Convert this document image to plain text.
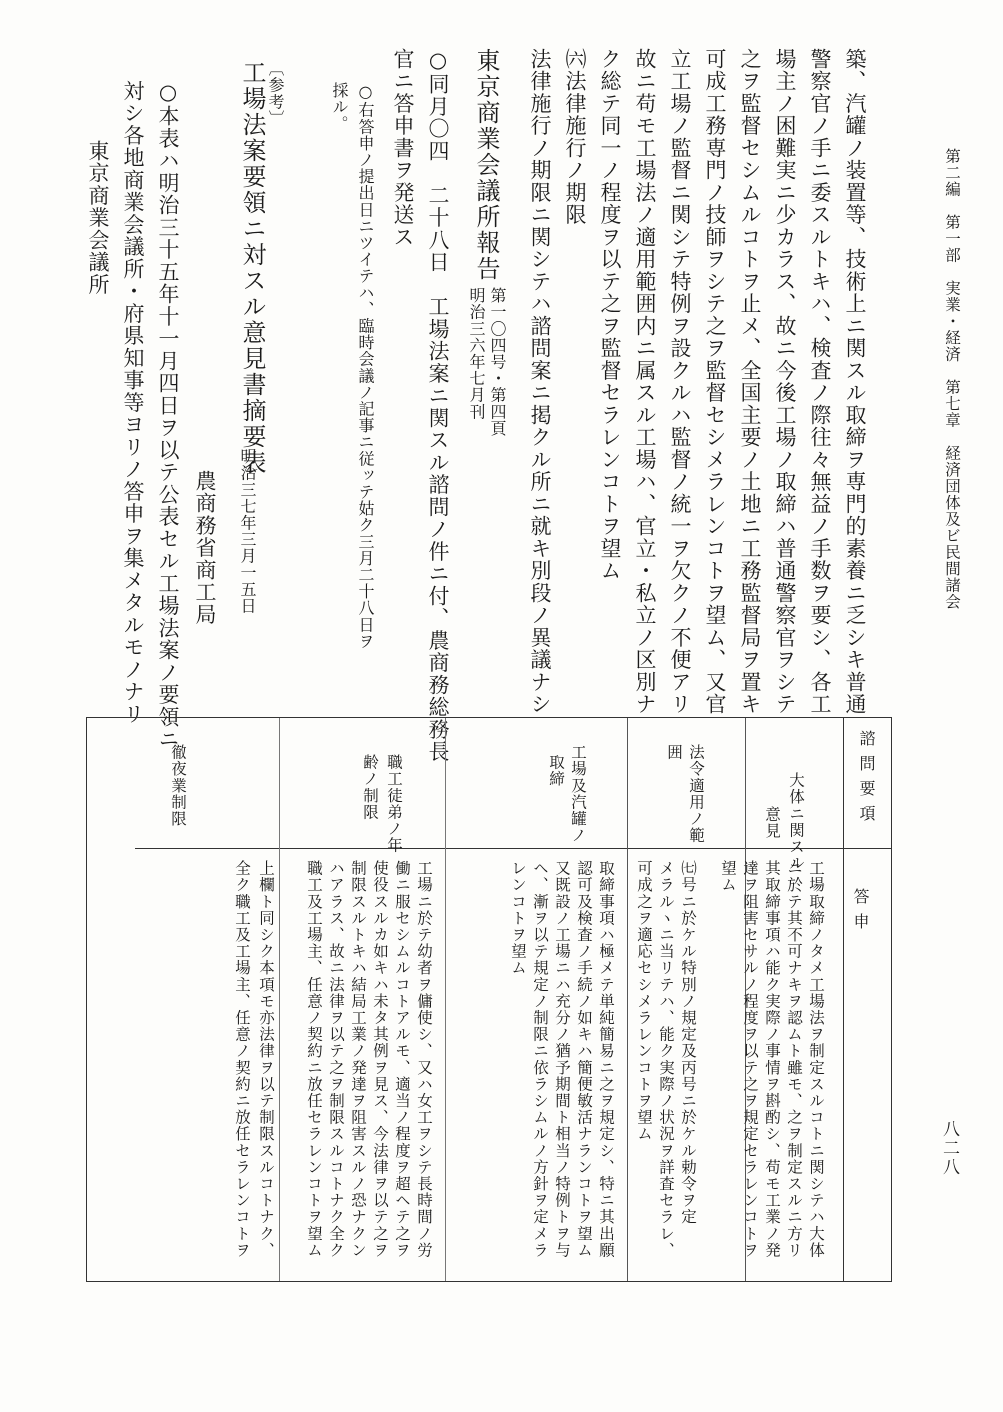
第二編　第一部　実業・経済　第七章　経済団体及ビ民間諸会
八二八
築、汽罐ノ装置等、技術上ニ関スル取締ヲ専門的素養ニ乏シキ普通
警察官ノ手ニ委スルトキハ、検査ノ際往々無益ノ手数ヲ要シ、各工
場主ノ困難実ニ少カラス、故ニ今後工場ノ取締ハ普通警察官ヲシテ
之ヲ監督セシムルコトヲ止メ、全国主要ノ土地ニ工務監督局ヲ置キ
可成工務専門ノ技師ヲシテ之ヲ監督セシメラレンコトヲ望ム、又官
立工場ノ監督ニ関シテ特例ヲ設クルハ監督ノ統一ヲ欠クノ不便アリ
故ニ苟モ工場法ノ適用範囲内ニ属スル工場ハ、官立・私立ノ区別ナ
ク総テ同一ノ程度ヲ以テ之ヲ監督セラレンコトヲ望ム
㈥法律施行ノ期限
法律施行ノ期限ニ関シテハ諮問案ニ掲クル所ニ就キ別段ノ異議ナシ
東京商業会議所報告
第一〇四号・第四頁
明治三六年七月刊
○同月〇四　二十八日　工場法案ニ関スル諮問ノ件ニ付、農商務総務長
官ニ答申書ヲ発送ス
○右答申ノ提出日ニツイテハ、臨時会議ノ記事ニ従ッテ姑ク三月二十八日ヲ
採ル。
〔参考〕
工場法案要領ニ対スル意見書摘要表
明治三七年三月一五日
農商務省商工局
○本表ハ明治三十五年十一月四日ヲ以テ公表セル工場法案ノ要領ニ
対シ各地商業会議所・府県知事等ヨリノ答申ヲ集メタルモノナリ
東京商業会議所
諮問要項
答申
大体ニ関スル
意見
工場取締ノタメ工場法ヲ制定スルコトニ関シテハ大体
ニ於テ其不可ナキヲ認ムト雖モ、之ヲ制定スルニ方リ
其取締事項ハ能ク実際ノ事情ヲ斟酌シ、苟モ工業ノ発
達ヲ阻害セサルノ程度ヲ以テ之ヲ規定セラレンコトヲ
望ム
法令適用ノ範
囲
㈦号ニ於ケル特別ノ規定及丙号ニ於ケル勅令ヲ定
メラルヽニ当リテハ、能ク実際ノ状況ヲ詳査セラレ、
可成之ヲ適応セシメラレンコトヲ望ム
工場及汽罐ノ
取締
取締事項ハ極メテ単純簡易ニ之ヲ規定シ、特ニ其出願
認可及検査ノ手続ノ如キハ簡便敏活ナランコトヲ望ム
又既設ノ工場ニハ充分ノ猶予期間ト相当ノ特例トヲ与
ヘ、漸ヲ以テ規定ノ制限ニ依ラシムルノ方針ヲ定メラ
レンコトヲ望ム
職工徒弟ノ年
齢ノ制限
工場ニ於テ幼者ヲ傭使シ、又ハ女工ヲシテ長時間ノ労
働ニ服セシムルコトアルモ、適当ノ程度ヲ超ヘテ之ヲ
使役スルカ如キハ未タ其例ヲ見ス、今法律ヲ以テ之ヲ
制限スルトキハ結局工業ノ発達ヲ阻害スルノ恐ナクン
ハアラス、故ニ法律ヲ以テ之ヲ制限スルコトナク全ク
職工及工場主、任意ノ契約ニ放任セラレンコトヲ望ム
徹夜業制限
上欄ト同シク本項モ亦法律ヲ以テ制限スルコトナク、
全ク職工及工場主、任意ノ契約ニ放任セラレンコトヲ
